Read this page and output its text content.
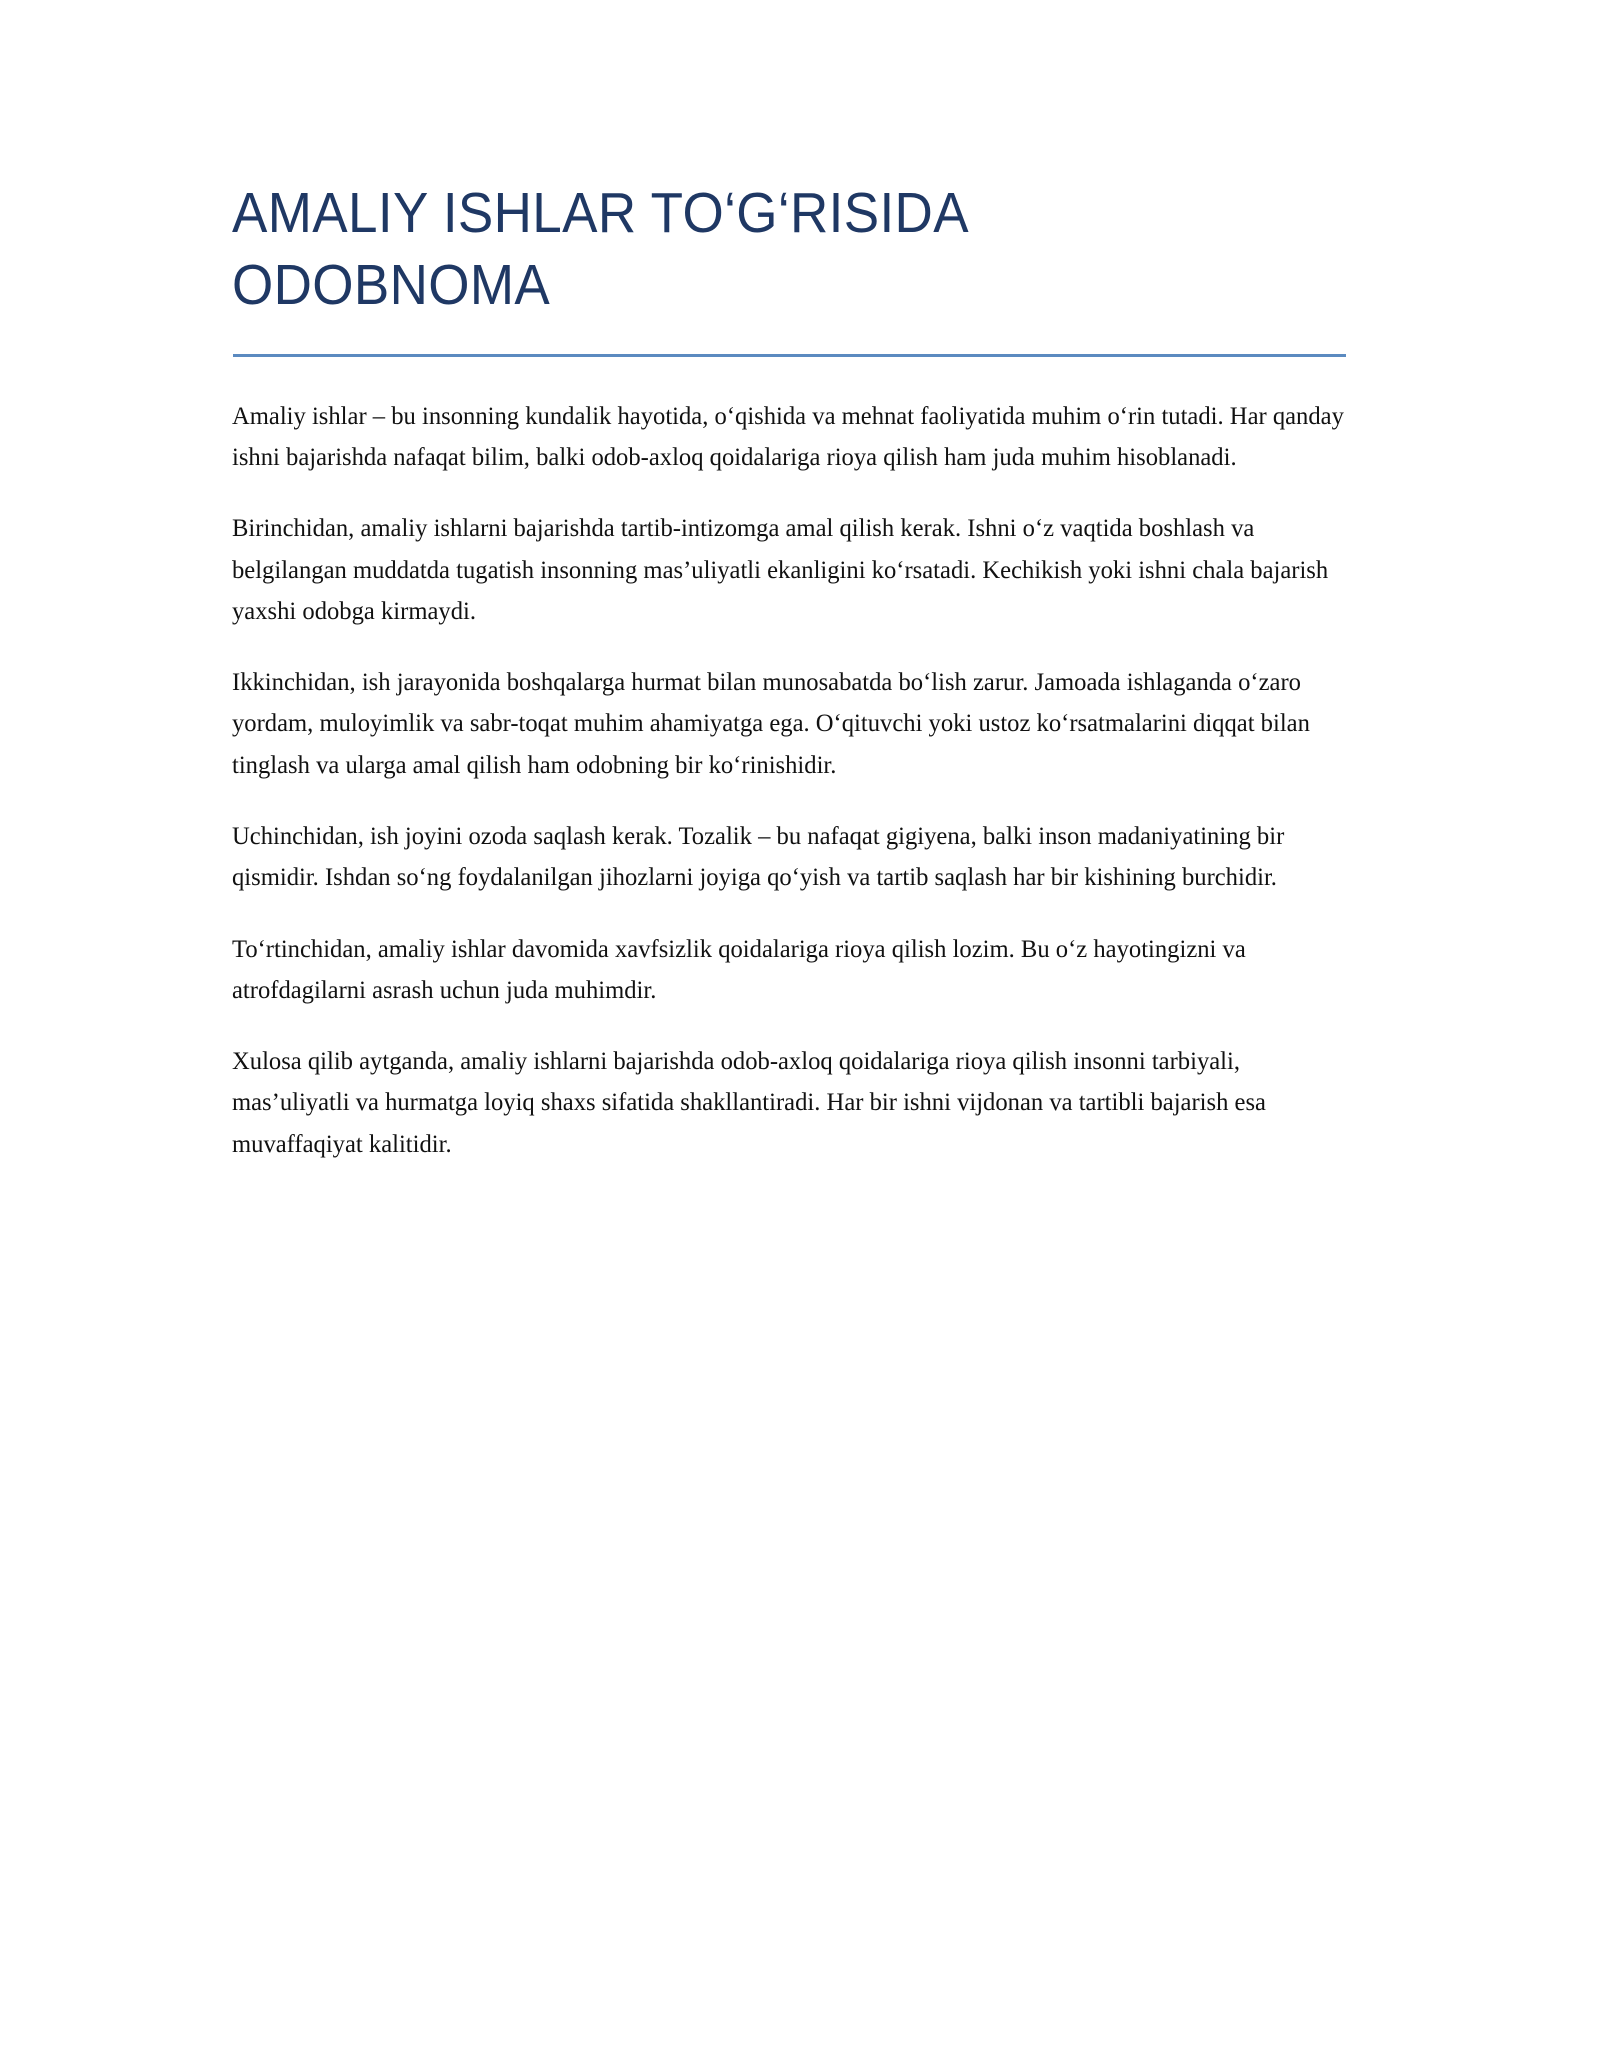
AMALIY ISHLAR TO‘G‘RISIDA ODOBNOMA

Amaliy ishlar – bu insonning kundalik hayotida, o‘qishida va mehnat faoliyatida muhim o‘rin tutadi. Har qanday ishni bajarishda nafaqat bilim, balki odob-axloq qoidalariga rioya qilish ham juda muhim hisoblanadi.

Birinchidan, amaliy ishlarni bajarishda tartib-intizomga amal qilish kerak. Ishni o‘z vaqtida boshlash va belgilangan muddatda tugatish insonning mas’uliyatli ekanligini ko‘rsatadi. Kechikish yoki ishni chala bajarish yaxshi odobga kirmaydi.

Ikkinchidan, ish jarayonida boshqalarga hurmat bilan munosabatda bo‘lish zarur. Jamoada ishlaganda o‘zaro yordam, muloyimlik va sabr-toqat muhim ahamiyatga ega. O‘qituvchi yoki ustoz ko‘rsatmalarini diqqat bilan tinglash va ularga amal qilish ham odobning bir ko‘rinishidir.

Uchinchidan, ish joyini ozoda saqlash kerak. Tozalik – bu nafaqat gigiyena, balki inson madaniyatining bir qismidir. Ishdan so‘ng foydalanilgan jihozlarni joyiga qo‘yish va tartib saqlash har bir kishining burchidir.

To‘rtinchidan, amaliy ishlar davomida xavfsizlik qoidalariga rioya qilish lozim. Bu o‘z hayotingizni va atrofdagilarni asrash uchun juda muhimdir.

Xulosa qilib aytganda, amaliy ishlarni bajarishda odob-axloq qoidalariga rioya qilish insonni tarbiyali, mas’uliyatli va hurmatga loyiq shaxs sifatida shakllantiradi. Har bir ishni vijdonan va tartibli bajarish esa muvaffaqiyat kalitidir.
